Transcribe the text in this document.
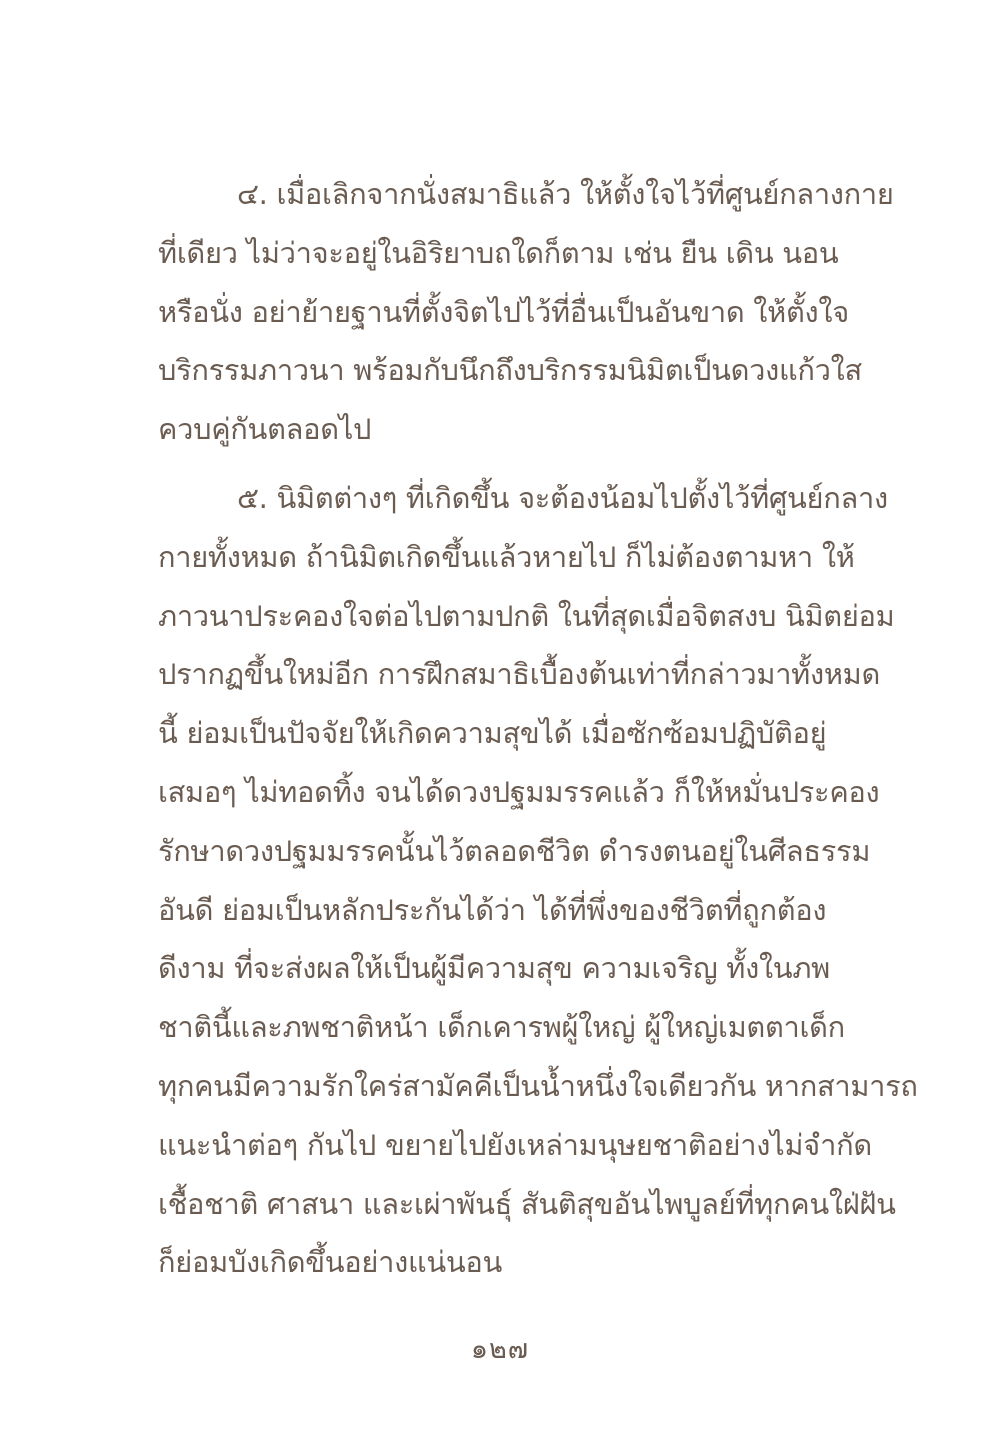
๔. เมื่อเลิกจากนั่งสมาธิแล้ว ให้ตั้งใจไว้ที่ศูนย์กลางกาย
ที่เดียว ไม่ว่าจะอยู่ในอิริยาบถใดก็ตาม เช่น ยืน เดิน นอน
หรือนั่ง อย่าย้ายฐานที่ตั้งจิตไปไว้ที่อื่นเป็นอันขาด ให้ตั้งใจ
บริกรรมภาวนา พร้อมกับนึกถึงบริกรรมนิมิตเป็นดวงแก้วใส
ควบคู่กันตลอดไป
๕. นิมิตต่างๆ ที่เกิดขึ้น จะต้องน้อมไปตั้งไว้ที่ศูนย์กลาง
กายทั้งหมด ถ้านิมิตเกิดขึ้นแล้วหายไป ก็ไม่ต้องตามหา ให้
ภาวนาประคองใจต่อไปตามปกติ ในที่สุดเมื่อจิตสงบ นิมิตย่อม
ปรากฏขึ้นใหม่อีก การฝึกสมาธิเบื้องต้นเท่าที่กล่าวมาทั้งหมด
นี้ ย่อมเป็นปัจจัยให้เกิดความสุขได้ เมื่อซักซ้อมปฏิบัติอยู่
เสมอๆ ไม่ทอดทิ้ง จนได้ดวงปฐมมรรคแล้ว ก็ให้หมั่นประคอง
รักษาดวงปฐมมรรคนั้นไว้ตลอดชีวิต ดำรงตนอยู่ในศีลธรรม
อันดี ย่อมเป็นหลักประกันได้ว่า ได้ที่พึ่งของชีวิตที่ถูกต้อง
ดีงาม ที่จะส่งผลให้เป็นผู้มีความสุข ความเจริญ ทั้งในภพ
ชาตินี้และภพชาติหน้า เด็กเคารพผู้ใหญ่ ผู้ใหญ่เมตตาเด็ก
ทุกคนมีความรักใคร่สามัคคีเป็นน้ำหนึ่งใจเดียวกัน หากสามารถ
แนะนำต่อๆ กันไป ขยายไปยังเหล่ามนุษยชาติอย่างไม่จำกัด
เชื้อชาติ ศาสนา และเผ่าพันธุ์ สันติสุขอันไพบูลย์ที่ทุกคนใฝ่ฝัน
ก็ย่อมบังเกิดขึ้นอย่างแน่นอน
๑๒๗
